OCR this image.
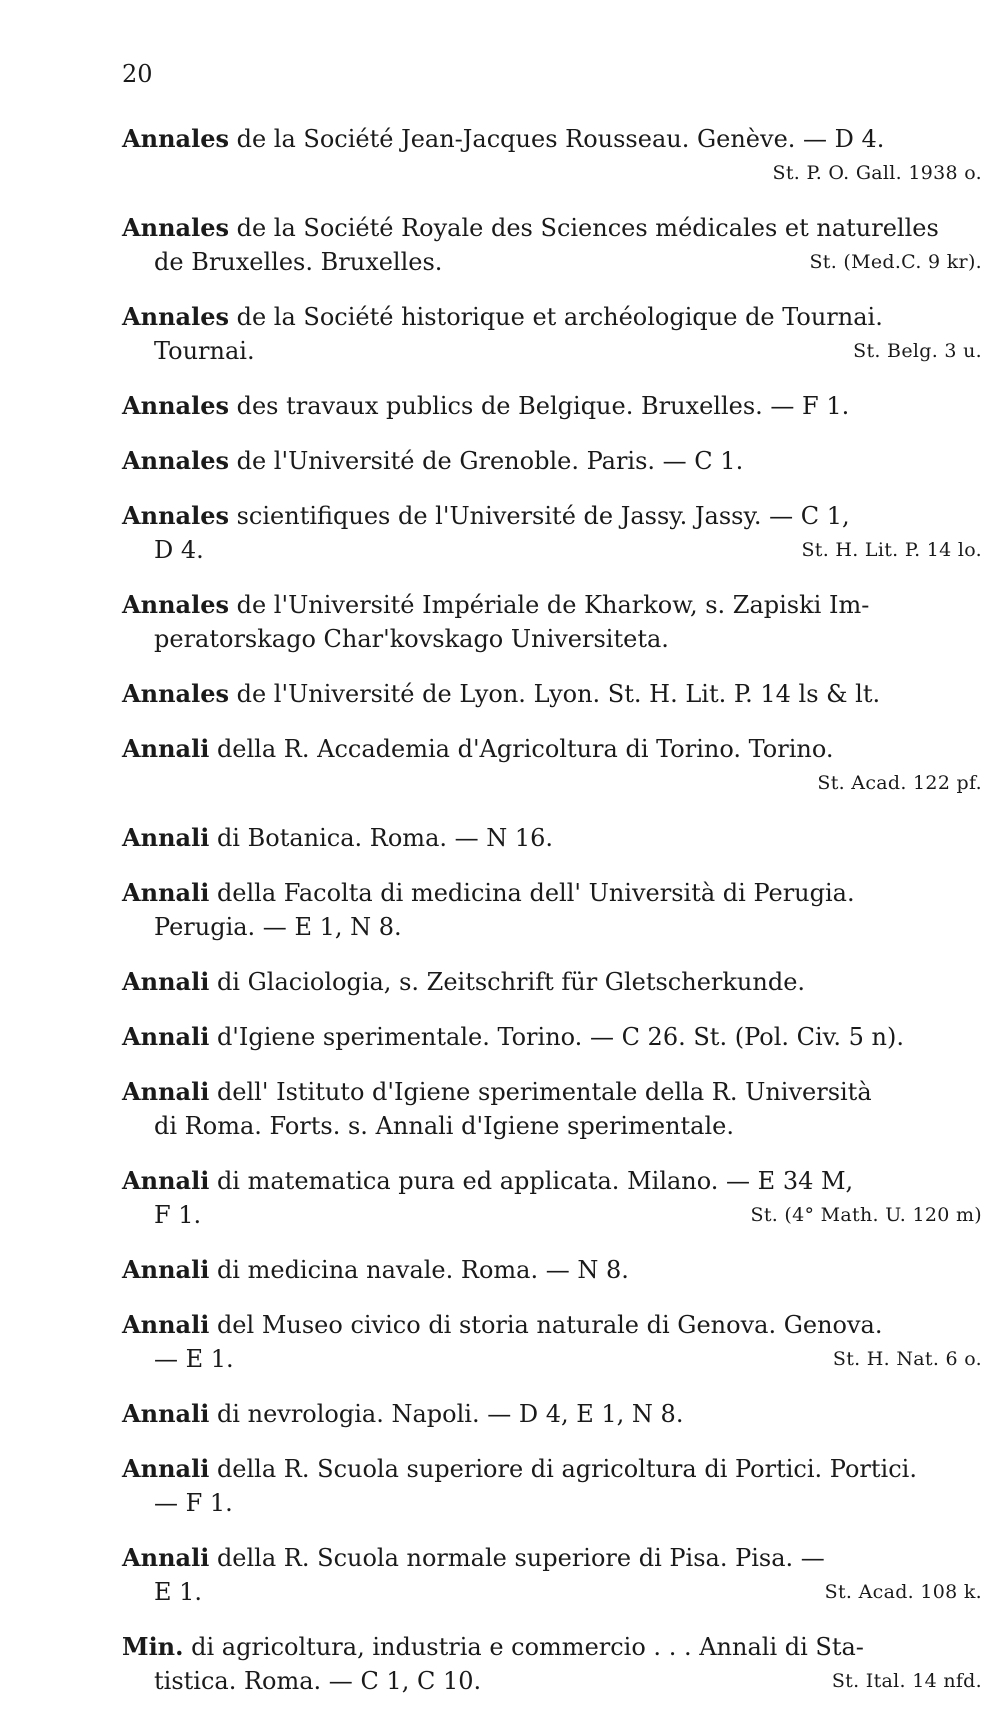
20
Annales de la Société Jean-Jacques Rousseau. Genève. — D 4.
St. P. O. Gall. 1938 o.
Annales de la Société Royale des Sciences médicales et naturelles
St. (Med.C. 9 kr).
de Bruxelles. Bruxelles.
Annales de la Société historique et archéologique de Tournai.
St. Belg. 3 u.
Tournai.
Annales des travaux publics de Belgique. Bruxelles. — F 1.
Annales de l'Université de Grenoble. Paris. — C 1.
Annales scientifiques de l'Université de Jassy. Jassy. — C 1,
St. H. Lit. P. 14 lo.
D 4.
Annales de l'Université Impériale de Kharkow, s. Zapiski Im-
peratorskago Char'kovskago Universiteta.
Annales de l'Université de Lyon. Lyon. St. H. Lit. P. 14 ls & lt.
Annali della R. Accademia d'Agricoltura di Torino. Torino.
St. Acad. 122 pf.
Annali di Botanica. Roma. — N 16.
Annali della Facolta di medicina dell' Università di Perugia.
Perugia. — E 1, N 8.
Annali di Glaciologia, s. Zeitschrift für Gletscherkunde.
Annali d'Igiene sperimentale. Torino. — C 26. St. (Pol. Civ. 5 n).
Annali dell' Istituto d'Igiene sperimentale della R. Università
di Roma. Forts. s. Annali d'Igiene sperimentale.
Annali di matematica pura ed applicata. Milano. — E 34 M,
St. (4° Math. U. 120 m)
F 1.
Annali di medicina navale. Roma. — N 8.
Annali del Museo civico di storia naturale di Genova. Genova.
St. H. Nat. 6 o.
— E 1.
Annali di nevrologia. Napoli. — D 4, E 1, N 8.
Annali della R. Scuola superiore di agricoltura di Portici. Portici.
— F 1.
Annali della R. Scuola normale superiore di Pisa. Pisa. —
St. Acad. 108 k.
E 1.
Min. di agricoltura, industria e commercio . . . Annali di Sta-
St. Ital. 14 nfd.
tistica. Roma. — C 1, C 10.
